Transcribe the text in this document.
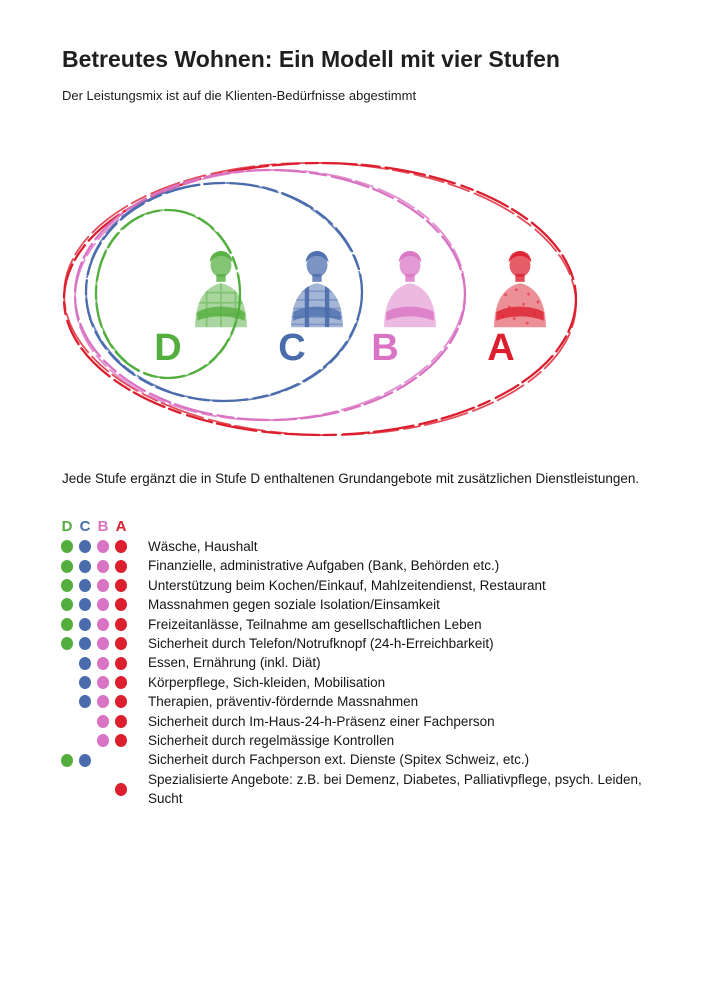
Betreutes Wohnen: Ein Modell mit vier Stufen

Der Leistungsmix ist auf die Klienten-Bedürfnisse abgestimmt

D	C B A

Jede Stufe ergänzt die in Stufe D enthaltenen Grundangebote mit zusätzlichen Dienstleistungen.

D C B A
Wäsche, Haushalt
Finanzielle, administrative Aufgaben (Bank, Behörden etc.)
Unterstützung beim Kochen/Einkauf, Mahlzeitendienst, Restaurant
Massnahmen gegen soziale Isolation/Einsamkeit
Freizeitanlässe, Teilnahme am gesellschaftlichen Leben
Sicherheit durch Telefon/Notrufknopf (24-h-Erreichbarkeit)
Essen, Ernährung (inkl. Diät)
Körperpflege, Sich-kleiden, Mobilisation
Therapien, präventiv-fördernde Massnahmen
Sicherheit durch Im-Haus-24-h-Präsenz einer Fachperson
Sicherheit durch regelmässige Kontrollen
Sicherheit durch Fachperson ext. Dienste (Spitex Schweiz, etc.)
Spezialisierte Angebote: z.B. bei Demenz, Diabetes, Palliativpflege, psych. Leiden, Sucht
